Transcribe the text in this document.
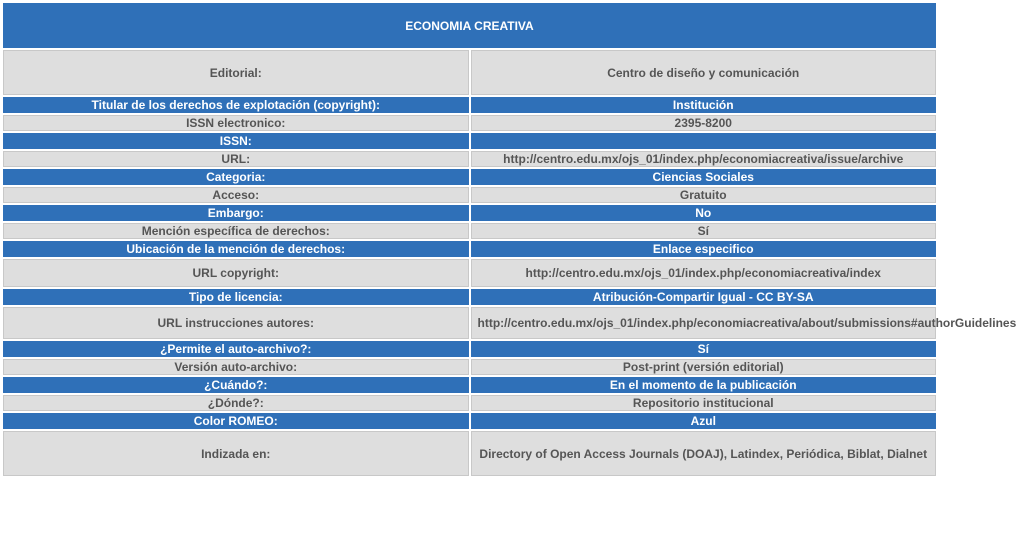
ECONOMIA CREATIVA	
Editorial:	Centro de diseño y comunicación
Titular de los derechos de explotación (copyright):	Institución
ISSN electronico:	2395-8200
ISSN:	
URL:	http://centro.edu.mx/ojs_01/index.php/economiacreativa/issue/archive
Categoria:	Ciencias Sociales
Acceso:	Gratuito
Embargo:	No
Mención específica de derechos:	Sí
Ubicación de la mención de derechos:	Enlace especifico
URL copyright:	http://centro.edu.mx/ojs_01/index.php/economiacreativa/index
Tipo de licencia:	Atribución-Compartir Igual - CC BY-SA
URL instrucciones autores:	http://centro.edu.mx/ojs_01/index.php/economiacreativa/about/submissions#authorGuidelines
¿Permite el auto-archivo?:	Sí
Versión auto-archivo:	Post-print (versión editorial)
¿Cuándo?:	En el momento de la publicación
¿Dónde?:	Repositorio institucional
Color ROMEO:	Azul
Indizada en:	Directory of Open Access Journals (DOAJ), Latindex, Periódica, Biblat, Dialnet
